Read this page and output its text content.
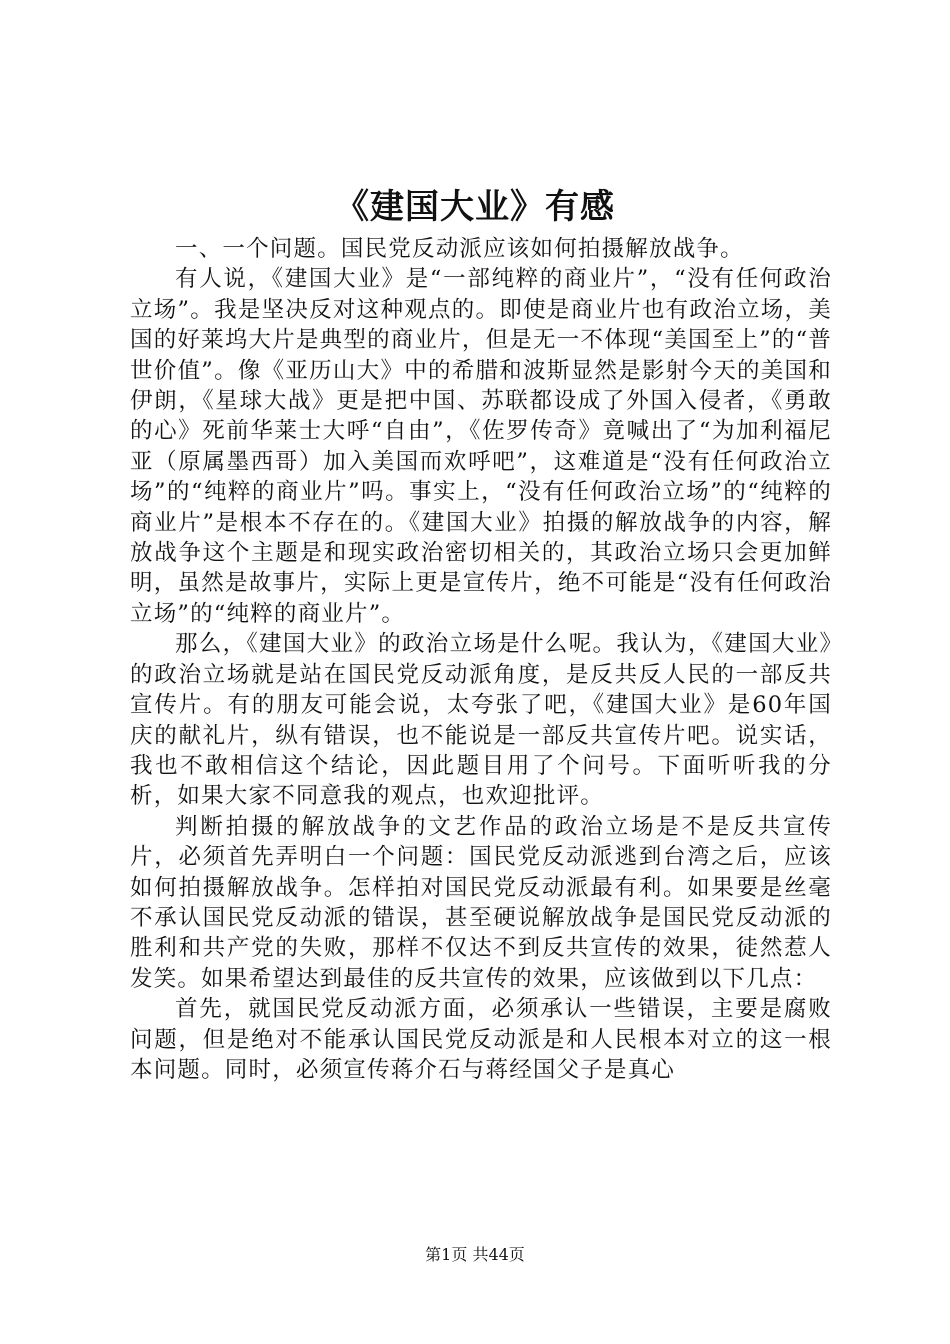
《建国大业》有感

一、一个问题。国民党反动派应该如何拍摄解放战争。

有人说，《建国大业》是“一部纯粹的商业片”，“没有任何政治立场”。我是坚决反对这种观点的。即使是商业片也有政治立场，美国的好莱坞大片是典型的商业片，但是无一不体现“美国至上”的“普世价值”。像《亚历山大》中的希腊和波斯显然是影射今天的美国和伊朗，《星球大战》更是把中国、苏联都设成了外国入侵者，《勇敢的心》死前华莱士大呼“自由”，《佐罗传奇》竟喊出了“为加利福尼亚（原属墨西哥）加入美国而欢呼吧”，这难道是“没有任何政治立场”的“纯粹的商业片”吗。事实上，“没有任何政治立场”的“纯粹的商业片”是根本不存在的。《建国大业》拍摄的解放战争的内容，解放战争这个主题是和现实政治密切相关的，其政治立场只会更加鲜明，虽然是故事片，实际上更是宣传片，绝不可能是“没有任何政治立场”的“纯粹的商业片”。

那么，《建国大业》的政治立场是什么呢。我认为，《建国大业》的政治立场就是站在国民党反动派角度，是反共反人民的一部反共宣传片。有的朋友可能会说，太夸张了吧，《建国大业》是60年国庆的献礼片，纵有错误，也不能说是一部反共宣传片吧。说实话，我也不敢相信这个结论，因此题目用了个问号。下面听听我的分析，如果大家不同意我的观点，也欢迎批评。

判断拍摄的解放战争的文艺作品的政治立场是不是反共宣传片，必须首先弄明白一个问题：国民党反动派逃到台湾之后，应该如何拍摄解放战争。怎样拍对国民党反动派最有利。如果要是丝毫不承认国民党反动派的错误，甚至硬说解放战争是国民党反动派的胜利和共产党的失败，那样不仅达不到反共宣传的效果，徒然惹人发笑。如果希望达到最佳的反共宣传的效果，应该做到以下几点：

首先，就国民党反动派方面，必须承认一些错误，主要是腐败问题，但是绝对不能承认国民党反动派是和人民根本对立的这一根本问题。同时，必须宣传蒋介石与蒋经国父子是真心

第1页 共44页
